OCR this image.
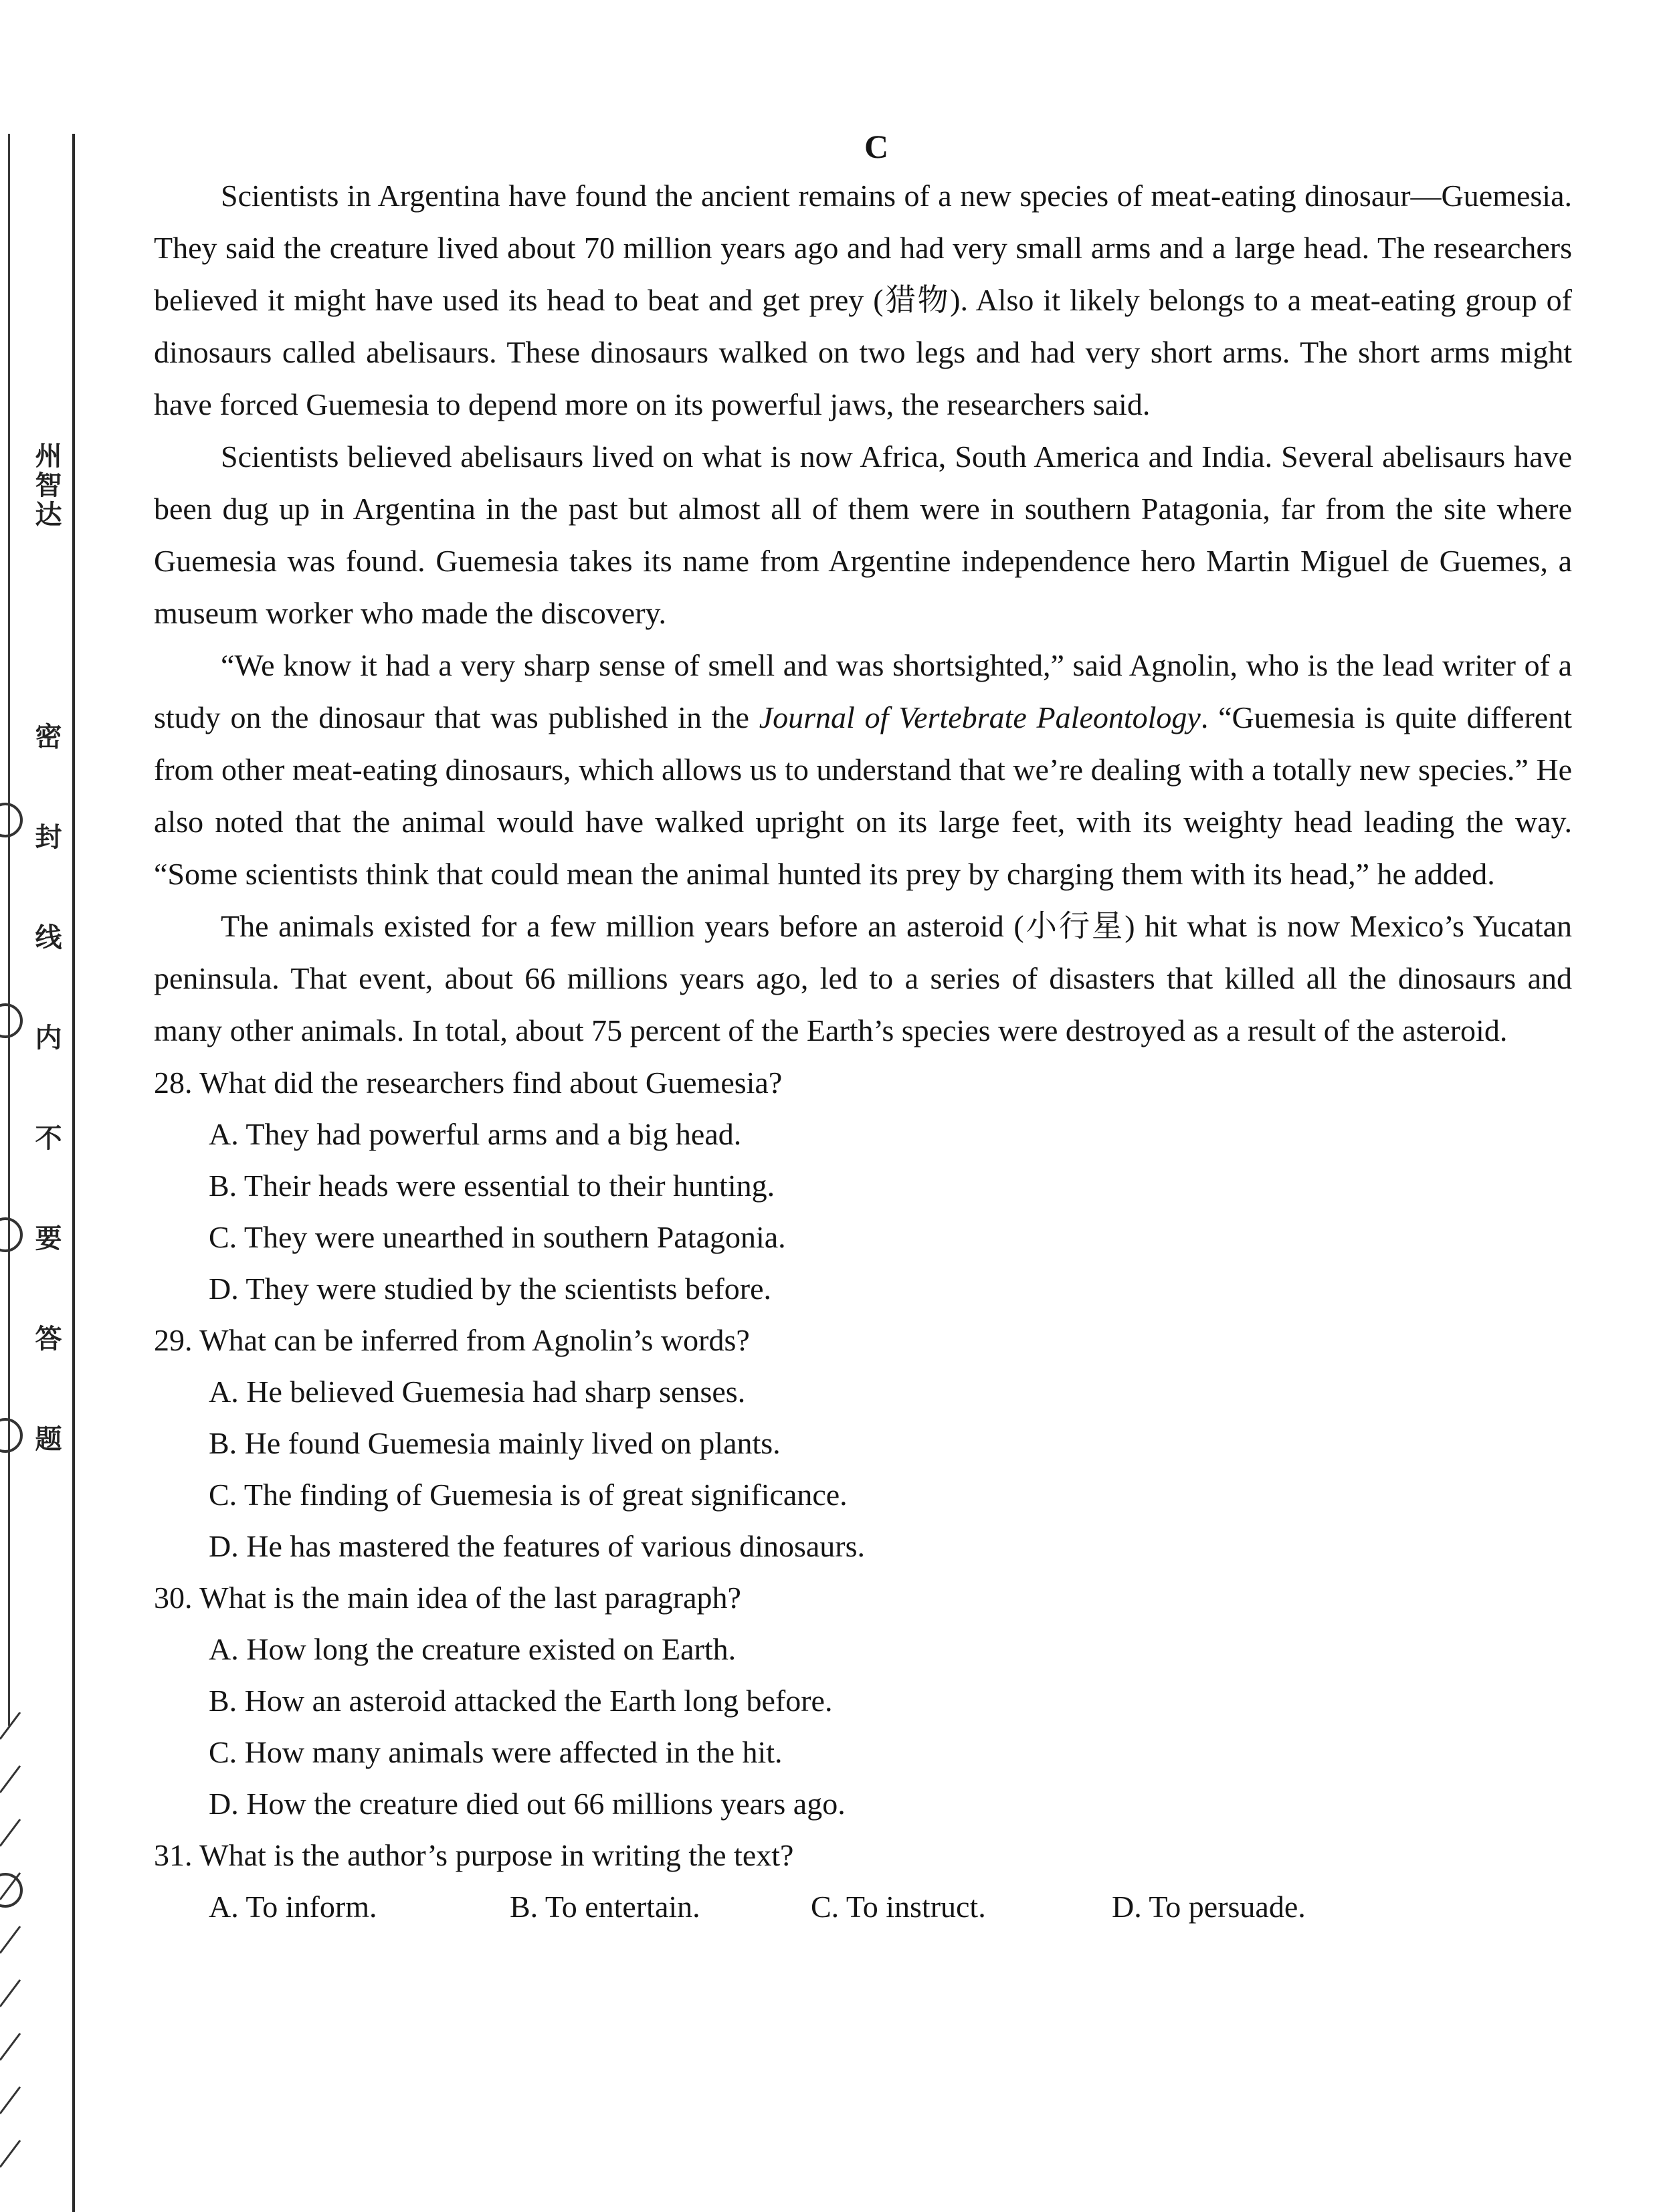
州智达
密封线内不要答题
C

Scientists in Argentina have found the ancient remains of a new species of meat-eating dinosaur—Guemesia. They said the creature lived about 70 million years ago and had very small arms and a large head. The researchers believed it might have used its head to beat and get prey (猎物). Also it likely belongs to a meat-eating group of dinosaurs called abelisaurs. These dinosaurs walked on two legs and had very short arms. The short arms might have forced Guemesia to depend more on its powerful jaws, the researchers said.

Scientists believed abelisaurs lived on what is now Africa, South America and India. Several abelisaurs have been dug up in Argentina in the past but almost all of them were in southern Patagonia, far from the site where Guemesia was found. Guemesia takes its name from Argentine independence hero Martin Miguel de Guemes, a museum worker who made the discovery.

“We know it had a very sharp sense of smell and was shortsighted,” said Agnolin, who is the lead writer of a study on the dinosaur that was published in the Journal of Vertebrate Paleontology. “Guemesia is quite different from other meat-eating dinosaurs, which allows us to understand that we’re dealing with a totally new species.” He also noted that the animal would have walked upright on its large feet, with its weighty head leading the way. “Some scientists think that could mean the animal hunted its prey by charging them with its head,” he added.

The animals existed for a few million years before an asteroid (小行星) hit what is now Mexico’s Yucatan peninsula. That event, about 66 millions years ago, led to a series of disasters that killed all the dinosaurs and many other animals. In total, about 75 percent of the Earth’s species were destroyed as a result of the asteroid.

28. What did the researchers find about Guemesia?

A. They had powerful arms and a big head.

B. Their heads were essential to their hunting.

C. They were unearthed in southern Patagonia.

D. They were studied by the scientists before.

29. What can be inferred from Agnolin’s words?

A. He believed Guemesia had sharp senses.

B. He found Guemesia mainly lived on plants.

C. The finding of Guemesia is of great significance.

D. He has mastered the features of various dinosaurs.

30. What is the main idea of the last paragraph?

A. How long the creature existed on Earth.

B. How an asteroid attacked the Earth long before.

C. How many animals were affected in the hit.

D. How the creature died out 66 millions years ago.

31. What is the author’s purpose in writing the text?

A. To inform.	B. To entertain.	C. To instruct.	D. To persuade.
